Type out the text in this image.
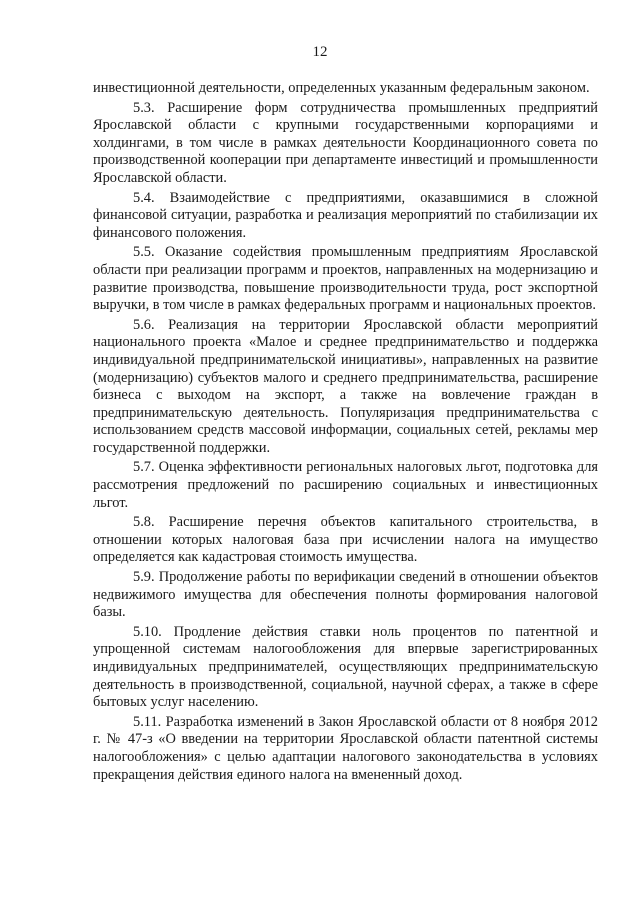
12

инвестиционной деятельности, определенных указанным федеральным законом.

5.3. Расширение форм сотрудничества промышленных предприятий Ярославской области с крупными государственными корпорациями и холдингами, в том числе в рамках деятельности Координационного совета по производственной кооперации при департаменте инвестиций и промышленности Ярославской области.

5.4. Взаимодействие с предприятиями, оказавшимися в сложной финансовой ситуации, разработка и реализация мероприятий по стабилизации их финансового положения.

5.5. Оказание содействия промышленным предприятиям Ярославской области при реализации программ и проектов, направленных на модернизацию и развитие производства, повышение производительности труда, рост экспортной выручки, в том числе в рамках федеральных программ и национальных проектов.

5.6. Реализация на территории Ярославской области мероприятий национального проекта «Малое и среднее предпринимательство и поддержка индивидуальной предпринимательской инициативы», направленных на развитие (модернизацию) субъектов малого и среднего предпринимательства, расширение бизнеса с выходом на экспорт, а также на вовлечение граждан в предпринимательскую деятельность. Популяризация предпринимательства с использованием средств массовой информации, социальных сетей, рекламы мер государственной поддержки.

5.7. Оценка эффективности региональных налоговых льгот, подготовка для рассмотрения предложений по расширению социальных и инвестиционных льгот.

5.8. Расширение перечня объектов капитального строительства, в отношении которых налоговая база при исчислении налога на имущество определяется как кадастровая стоимость имущества.

5.9. Продолжение работы по верификации сведений в отношении объектов недвижимого имущества для обеспечения полноты формирования налоговой базы.

5.10. Продление действия ставки ноль процентов по патентной и упрощенной системам налогообложения для впервые зарегистрированных индивидуальных предпринимателей, осуществляющих предпринимательскую деятельность в производственной, социальной, научной сферах, а также в сфере бытовых услуг населению.

5.11. Разработка изменений в Закон Ярославской области от 8 ноября 2012 г. № 47-з «О введении на территории Ярославской области патентной системы налогообложения» с целью адаптации налогового законодательства в условиях прекращения действия единого налога на вмененный доход.
